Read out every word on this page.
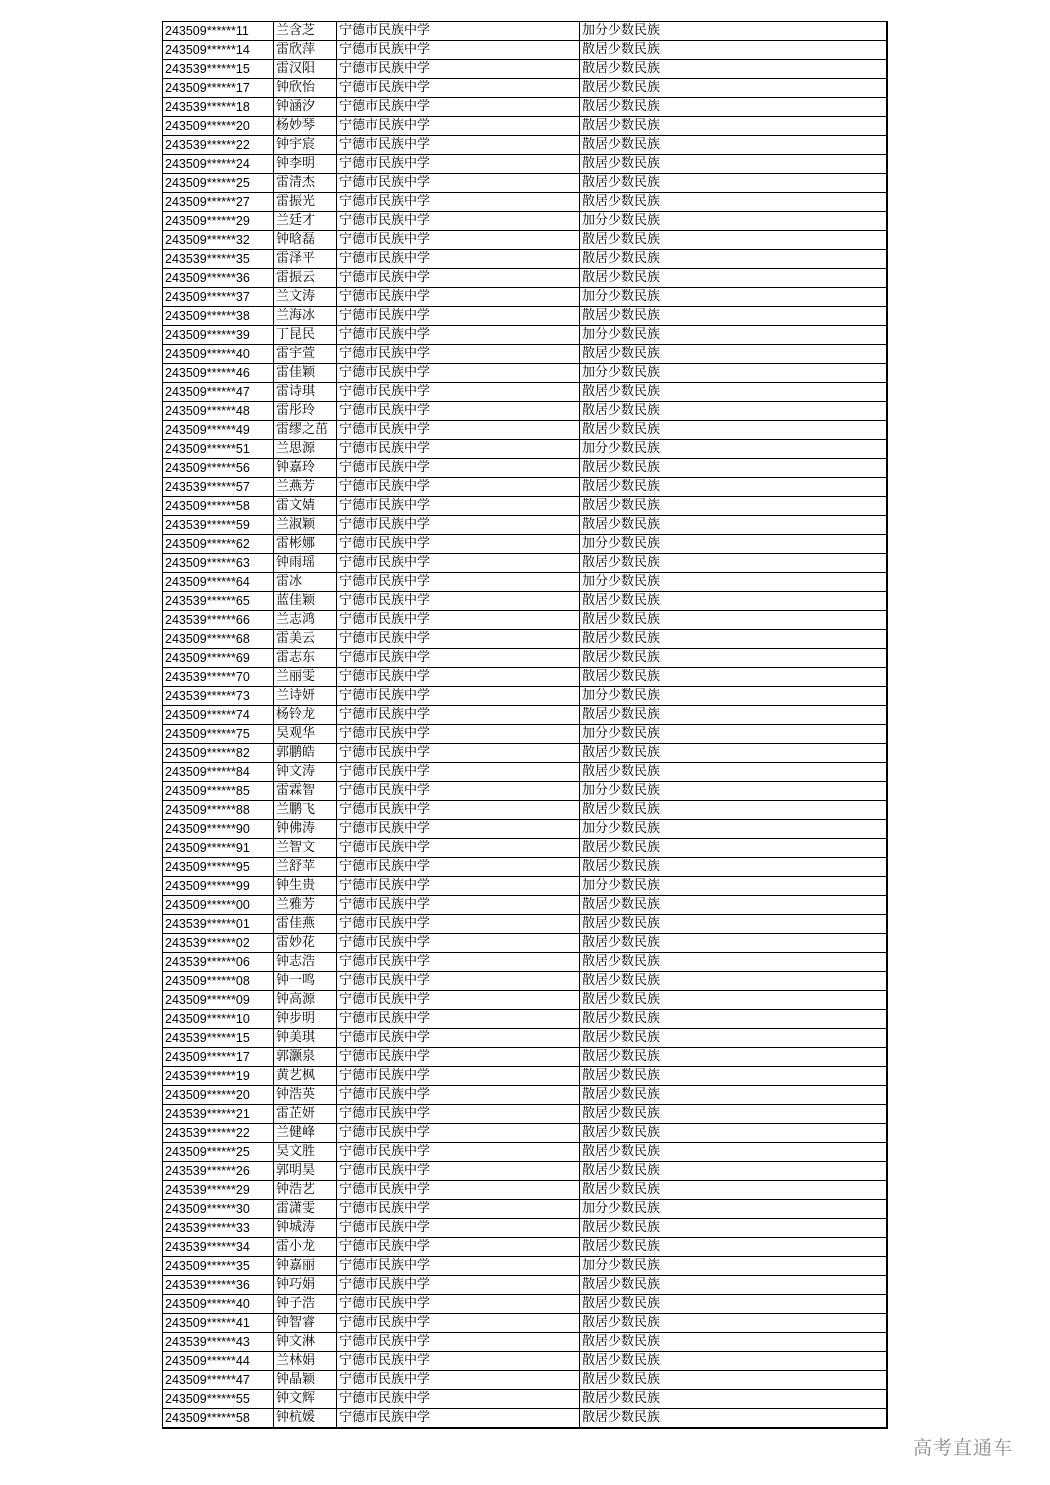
243509******11	兰含芝	宁德市民族中学	加分少数民族
243509******14	雷欣萍	宁德市民族中学	散居少数民族
243539******15	雷汉阳	宁德市民族中学	散居少数民族
243509******17	钟欣怡	宁德市民族中学	散居少数民族
243539******18	钟涵汐	宁德市民族中学	散居少数民族
243509******20	杨妙琴	宁德市民族中学	散居少数民族
243539******22	钟宇宸	宁德市民族中学	散居少数民族
243509******24	钟李明	宁德市民族中学	散居少数民族
243509******25	雷清杰	宁德市民族中学	散居少数民族
243509******27	雷振光	宁德市民族中学	散居少数民族
243509******29	兰廷才	宁德市民族中学	加分少数民族
243509******32	钟晗磊	宁德市民族中学	散居少数民族
243539******35	雷泽平	宁德市民族中学	散居少数民族
243509******36	雷振云	宁德市民族中学	散居少数民族
243509******37	兰文涛	宁德市民族中学	加分少数民族
243509******38	兰海冰	宁德市民族中学	散居少数民族
243509******39	丁昆民	宁德市民族中学	加分少数民族
243509******40	雷宇萱	宁德市民族中学	散居少数民族
243509******46	雷佳颖	宁德市民族中学	加分少数民族
243509******47	雷诗琪	宁德市民族中学	散居少数民族
243509******48	雷彤玲	宁德市民族中学	散居少数民族
243509******49	雷缪之茁	宁德市民族中学	散居少数民族
243509******51	兰思源	宁德市民族中学	加分少数民族
243509******56	钟嘉玲	宁德市民族中学	散居少数民族
243539******57	兰燕芳	宁德市民族中学	散居少数民族
243509******58	雷文婧	宁德市民族中学	散居少数民族
243539******59	兰淑颖	宁德市民族中学	散居少数民族
243509******62	雷彬娜	宁德市民族中学	加分少数民族
243509******63	钟雨瑶	宁德市民族中学	散居少数民族
243509******64	雷冰	宁德市民族中学	加分少数民族
243539******65	蓝佳颖	宁德市民族中学	散居少数民族
243539******66	兰志鸿	宁德市民族中学	散居少数民族
243509******68	雷美云	宁德市民族中学	散居少数民族
243509******69	雷志东	宁德市民族中学	散居少数民族
243539******70	兰丽雯	宁德市民族中学	散居少数民族
243539******73	兰诗妍	宁德市民族中学	加分少数民族
243509******74	杨铃龙	宁德市民族中学	散居少数民族
243509******75	吴观华	宁德市民族中学	加分少数民族
243509******82	郭鹏皓	宁德市民族中学	散居少数民族
243509******84	钟文涛	宁德市民族中学	散居少数民族
243509******85	雷霖智	宁德市民族中学	加分少数民族
243509******88	兰鹏飞	宁德市民族中学	散居少数民族
243509******90	钟佛涛	宁德市民族中学	加分少数民族
243509******91	兰智文	宁德市民族中学	散居少数民族
243509******95	兰舒苹	宁德市民族中学	散居少数民族
243509******99	钟生贵	宁德市民族中学	加分少数民族
243509******00	兰雅芳	宁德市民族中学	散居少数民族
243539******01	雷佳燕	宁德市民族中学	散居少数民族
243539******02	雷妙花	宁德市民族中学	散居少数民族
243539******06	钟志浩	宁德市民族中学	散居少数民族
243509******08	钟一鸣	宁德市民族中学	散居少数民族
243509******09	钟高源	宁德市民族中学	散居少数民族
243509******10	钟步明	宁德市民族中学	散居少数民族
243539******15	钟美琪	宁德市民族中学	散居少数民族
243509******17	郭灏泉	宁德市民族中学	散居少数民族
243539******19	黄艺枫	宁德市民族中学	散居少数民族
243509******20	钟浩英	宁德市民族中学	散居少数民族
243539******21	雷芷妍	宁德市民族中学	散居少数民族
243539******22	兰健峰	宁德市民族中学	散居少数民族
243509******25	吴文胜	宁德市民族中学	散居少数民族
243539******26	郭明昊	宁德市民族中学	散居少数民族
243539******29	钟浩艺	宁德市民族中学	散居少数民族
243509******30	雷潇雯	宁德市民族中学	加分少数民族
243539******33	钟城涛	宁德市民族中学	散居少数民族
243539******34	雷小龙	宁德市民族中学	散居少数民族
243509******35	钟嘉丽	宁德市民族中学	加分少数民族
243539******36	钟巧娟	宁德市民族中学	散居少数民族
243509******40	钟子浩	宁德市民族中学	散居少数民族
243509******41	钟智睿	宁德市民族中学	散居少数民族
243539******43	钟文淋	宁德市民族中学	散居少数民族
243509******44	兰林娟	宁德市民族中学	散居少数民族
243509******47	钟晶颖	宁德市民族中学	散居少数民族
243509******55	钟文辉	宁德市民族中学	散居少数民族
243509******58	钟杭媛	宁德市民族中学	散居少数民族
高考直通车
